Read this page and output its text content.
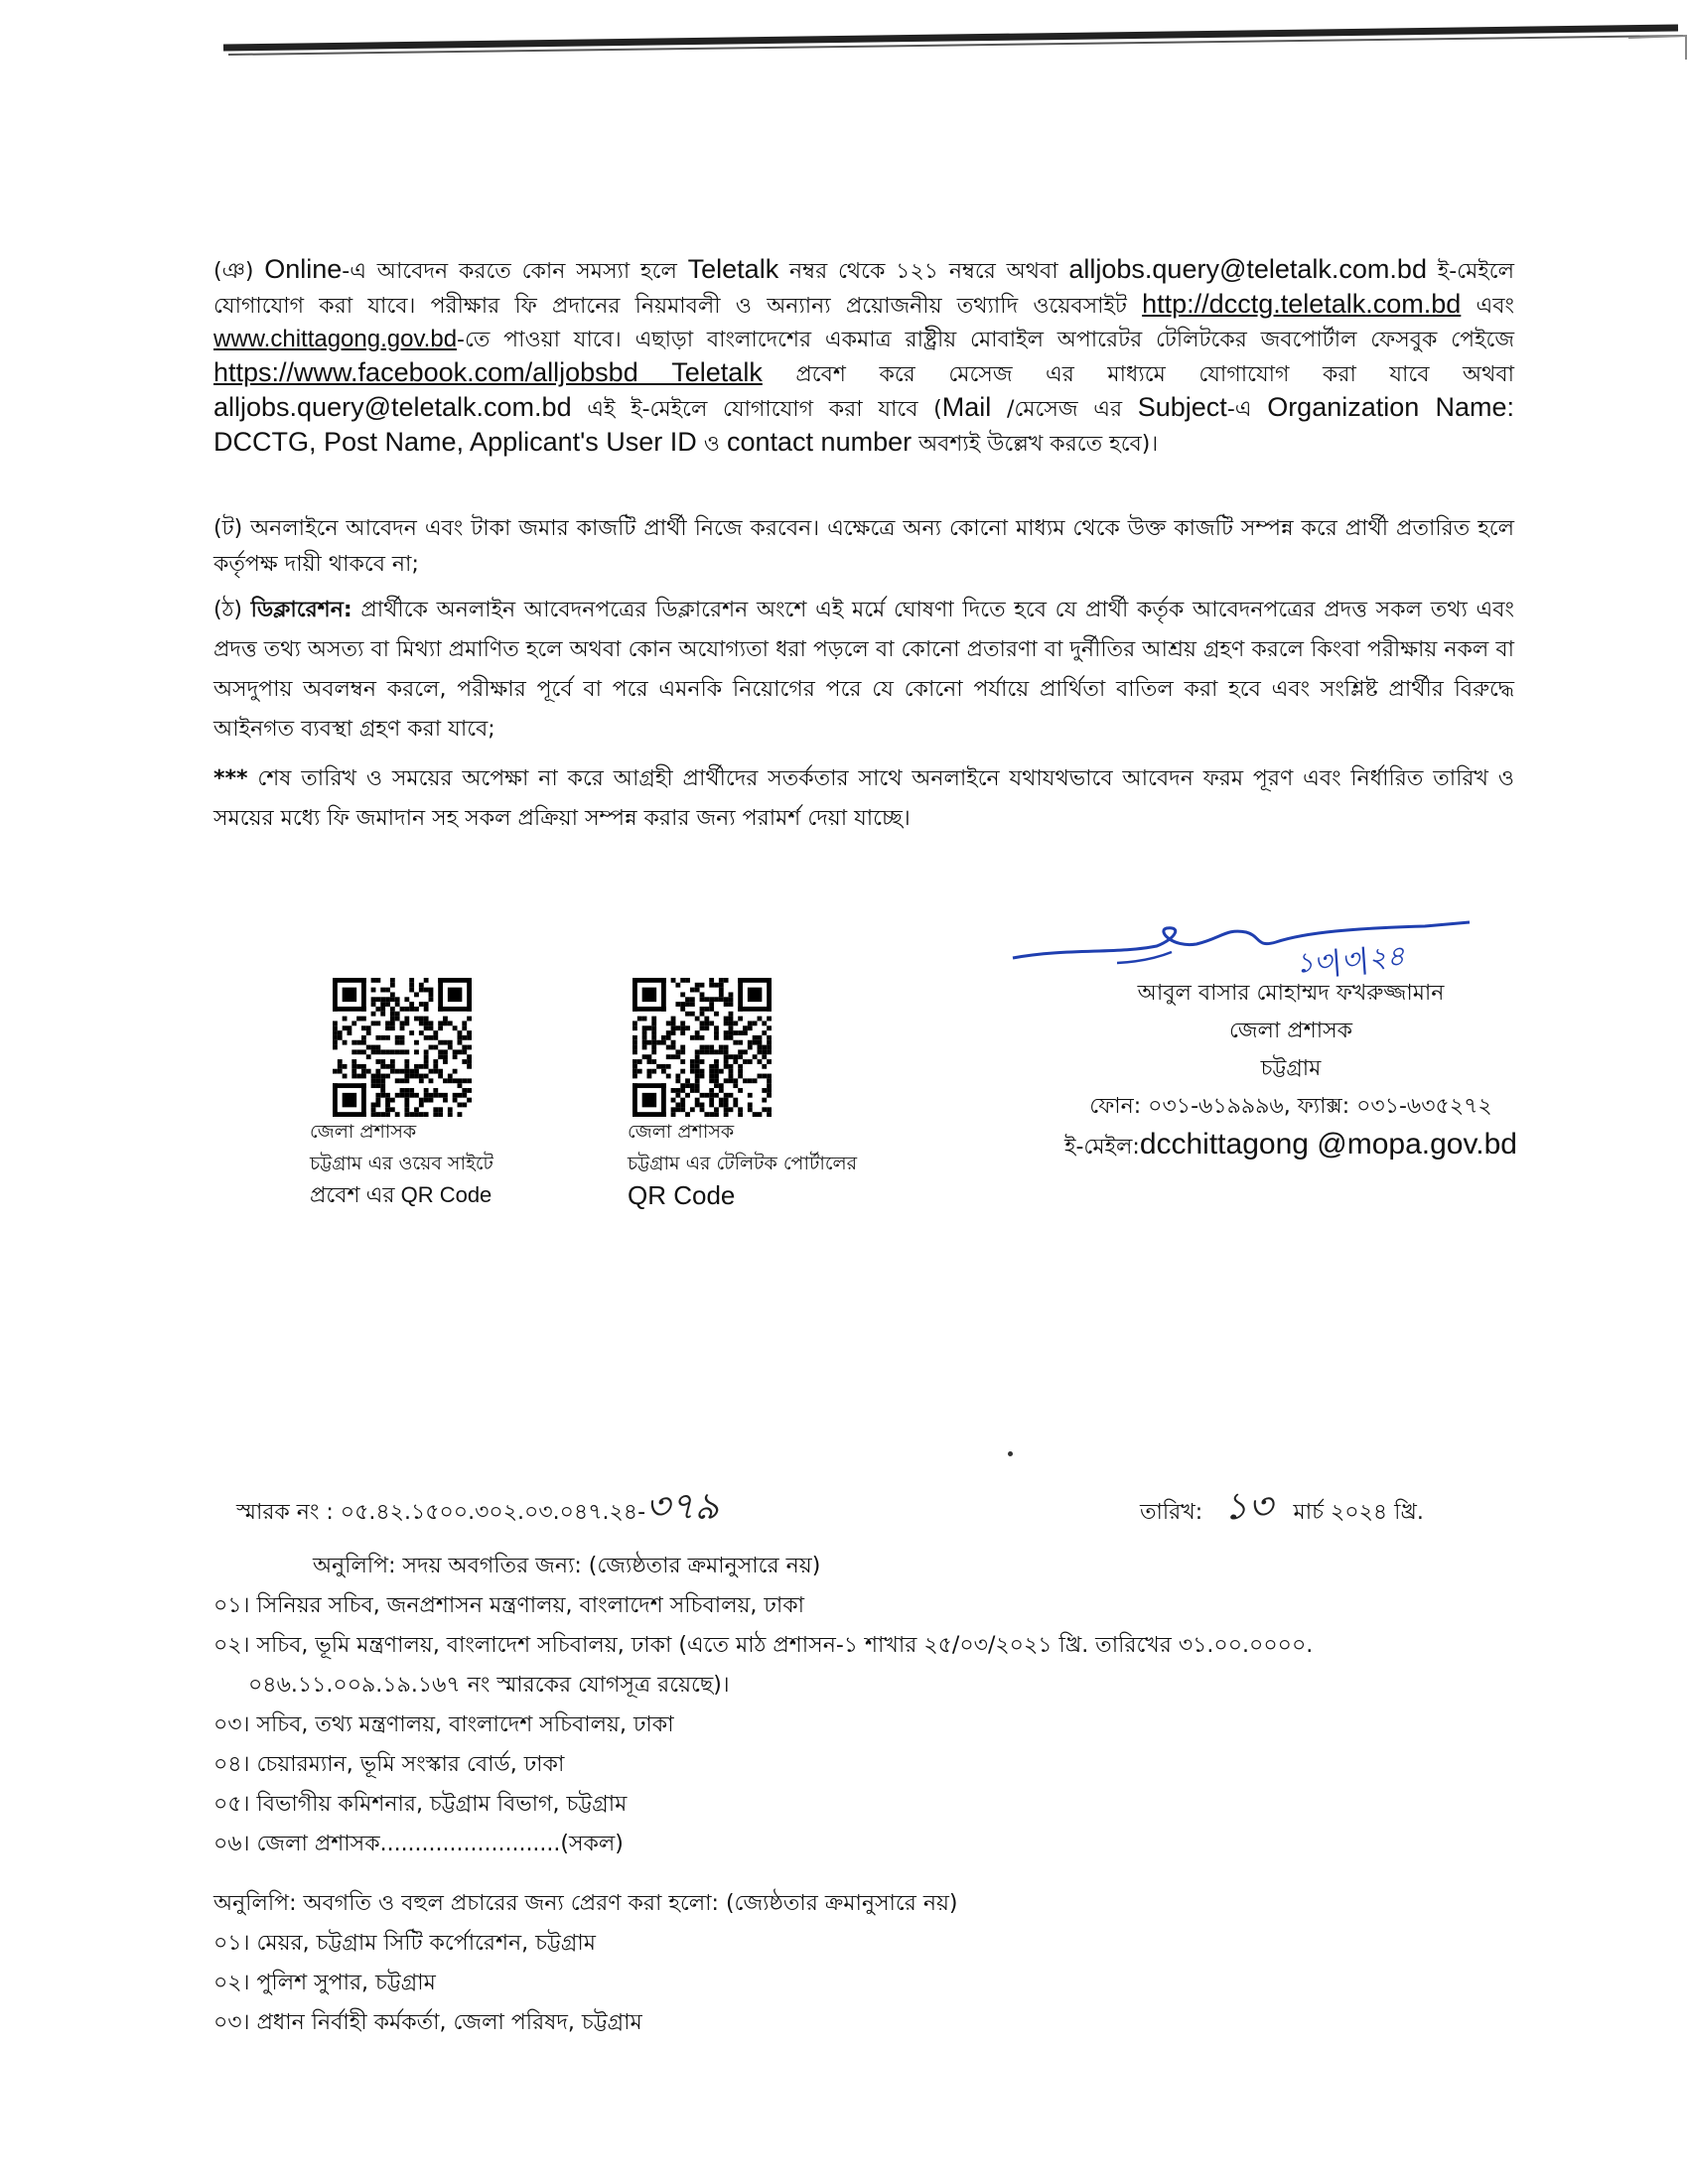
(ঞ) Online-এ আবেদন করতে কোন সমস্যা হলে Teletalk নম্বর থেকে ১২১ নম্বরে অথবা alljobs.query@teletalk.com.bd ই-মেইলে যোগাযোগ করা যাবে। পরীক্ষার ফি প্রদানের নিয়মাবলী ও অন্যান্য প্রয়োজনীয় তথ্যাদি ওয়েবসাইট http://dcctg.teletalk.com.bd এবং www.chittagong.gov.bd-তে পাওয়া যাবে। এছাড়া বাংলাদেশের একমাত্র রাষ্ট্রীয় মোবাইল অপারেটর টেলিটকের জবপোর্টাল ফেসবুক পেইজে https://www.facebook.com/alljobsbd Teletalk প্রবেশ করে মেসেজ এর মাধ্যমে যোগাযোগ করা যাবে অথবা alljobs.query@teletalk.com.bd এই ই-মেইলে যোগাযোগ করা যাবে (Mail /মেসেজ এর Subject-এ Organization Name: DCCTG, Post Name, Applicant's User ID ও contact number অবশ্যই উল্লেখ করতে হবে)।

(ট) অনলাইনে আবেদন এবং টাকা জমার কাজটি প্রার্থী নিজে করবেন। এক্ষেত্রে অন্য কোনো মাধ্যম থেকে উক্ত কাজটি সম্পন্ন করে প্রার্থী প্রতারিত হলে কর্তৃপক্ষ দায়ী থাকবে না;

(ঠ) ডিক্লারেশন: প্রার্থীকে অনলাইন আবেদনপত্রের ডিক্লারেশন অংশে এই মর্মে ঘোষণা দিতে হবে যে প্রার্থী কর্তৃক আবেদনপত্রের প্রদত্ত সকল তথ্য এবং প্রদত্ত তথ্য অসত্য বা মিথ্যা প্রমাণিত হলে অথবা কোন অযোগ্যতা ধরা পড়লে বা কোনো প্রতারণা বা দুর্নীতির আশ্রয় গ্রহণ করলে কিংবা পরীক্ষায় নকল বা অসদুপায় অবলম্বন করলে, পরীক্ষার পূর্বে বা পরে এমনকি নিয়োগের পরে যে কোনো পর্যায়ে প্রার্থিতা বাতিল করা হবে এবং সংশ্লিষ্ট প্রার্থীর বিরুদ্ধে আইনগত ব্যবস্থা গ্রহণ করা যাবে;

*** শেষ তারিখ ও সময়ের অপেক্ষা না করে আগ্রহী প্রার্থীদের সতর্কতার সাথে অনলাইনে যথাযথভাবে আবেদন ফরম পূরণ এবং নির্ধারিত তারিখ ও সময়ের মধ্যে ফি জমাদান সহ সকল প্রক্রিয়া সম্পন্ন করার জন্য পরামর্শ দেয়া যাচ্ছে।

জেলা প্রশাসক
চট্টগ্রাম এর ওয়েব সাইটে
প্রবেশ এর QR Code
জেলা প্রশাসক
চট্টগ্রাম এর টেলিটক পোর্টালের
QR Code
১৩|৩|২৪
আবুল বাসার মোহাম্মদ ফখরুজ্জামান
জেলা প্রশাসক
চট্টগ্রাম
ফোন: ০৩১-৬১৯৯৯৬, ফ্যাক্স: ০৩১-৬৩৫২৭২
ই-মেইল:dcchittagong @mopa.gov.bd
স্মারক নং : ০৫.৪২.১৫০০.৩০২.০৩.০৪৭.২৪-৩৭৯	তারিখ: ১৩ মার্চ ২০২৪ খ্রি.
অনুলিপি: সদয় অবগতির জন্য: (জ্যেষ্ঠতার ক্রমানুসারে নয়)
০১। সিনিয়র সচিব, জনপ্রশাসন মন্ত্রণালয়, বাংলাদেশ সচিবালয়, ঢাকা
০২। সচিব, ভূমি মন্ত্রণালয়, বাংলাদেশ সচিবালয়, ঢাকা (এতে মাঠ প্রশাসন-১ শাখার ২৫/০৩/২০২১ খ্রি. তারিখের ৩১.০০.০০০০.
০৪৬.১১.০০৯.১৯.১৬৭ নং স্মারকের যোগসূত্র রয়েছে)।
০৩। সচিব, তথ্য মন্ত্রণালয়, বাংলাদেশ সচিবালয়, ঢাকা
০৪। চেয়ারম্যান, ভূমি সংস্কার বোর্ড, ঢাকা
০৫। বিভাগীয় কমিশনার, চট্টগ্রাম বিভাগ, চট্টগ্রাম
০৬। জেলা প্রশাসক..........................(সকল)
অনুলিপি: অবগতি ও বহুল প্রচারের জন্য প্রেরণ করা হলো: (জ্যেষ্ঠতার ক্রমানুসারে নয়)
০১। মেয়র, চট্টগ্রাম সিটি কর্পোরেশন, চট্টগ্রাম
০২। পুলিশ সুপার, চট্টগ্রাম
০৩। প্রধান নির্বাহী কর্মকর্তা, জেলা পরিষদ, চট্টগ্রাম
